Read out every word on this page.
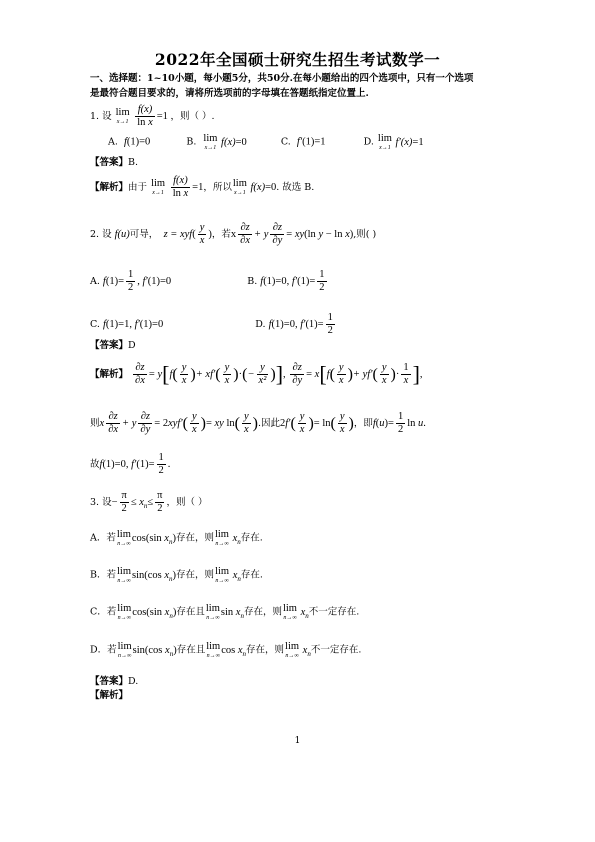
2022年全国硕士研究生招生考试数学一
一、选择题：1~10小题，每小题5分，共50分.在每小题给出的四个选项中，只有一个选项
是最符合题目要求的，请将所选项前的字母填在答题纸指定位置上.
1. 设 lim
x→1
$\frac{f(x)}{\text{ln x}} =1$ ，则（ ）.
A. f(1)=0	B. lim
x→1 f(x)=0	C. f′(1)=1	D. lim
x→1 f′(x)=1
【答案】B.
【解析】由于 lim
x→1
$\frac{f(x)}{\text{ln x}} =1$，所以 lim
x→1 f(x)=0. 故选 B.
2. 设 f(u)可导，  $z = xyf( \frac{y}{x}$ )，若x $\frac{\partial z}{\partial x} + y \frac{\partial z}{\partial y} = xy(\ln$ y − ln x),则( )
A. $f(1)= \frac{1}{2}$ , f′(1)=0	B. f(1)=0, $f'(1)= \frac{1}{2}$
C. f(1)=1, f′(1)=0	D. f(1)=0, $f'(1)= \frac{1}{2}$
【答案】D
【解析】 $\frac{\partial z}{\partial x} = y[f( \frac{y}{x}$ )+ $xf'( \frac{y}{x}$ )·(− $\frac{y}{\text{x²}}$ )], $\frac{\partial z}{\partial y} = x[f( \frac{y}{x}$ )+ $yf'( \frac{y}{x}$ )· $\frac{1}{x}$ ],
则x $\frac{\partial z}{\partial x} + y \frac{\partial z}{\partial y} = 2xyf'( \frac{y}{x}$ )= xy $\ln( \frac{y}{x}$ ).因此$2f'( \frac{y}{x}$ )= $\ln( \frac{y}{x}$ )，即$f(u)= \frac{1}{2}$ ln u.
故f(1)=0, $f'(1)= \frac{1}{2}$ .
3. 设− $\frac{\pi}{2} \le x_n\le \frac{\pi}{2}$ ，则（ ）
A．若 lim
n→∞ cos(sin $x_n$)存在，则 lim
n→∞ $x_n$存在.
B．若 lim
n→∞ sin(cos $x_n$)存在，则 lim
n→∞ $x_n$存在.
C．若 lim
n→∞ cos(sin $x_n$)存在且 lim
n→∞ $\sin x_n$存在，则 lim
n→∞ $x_n$不一定存在.
D．若 lim
n→∞ sin(cos $x_n$)存在且 lim
n→∞ $\cos x_n$存在，则 lim
n→∞ $x_n$不一定存在.
【答案】D.
【解析】
1
